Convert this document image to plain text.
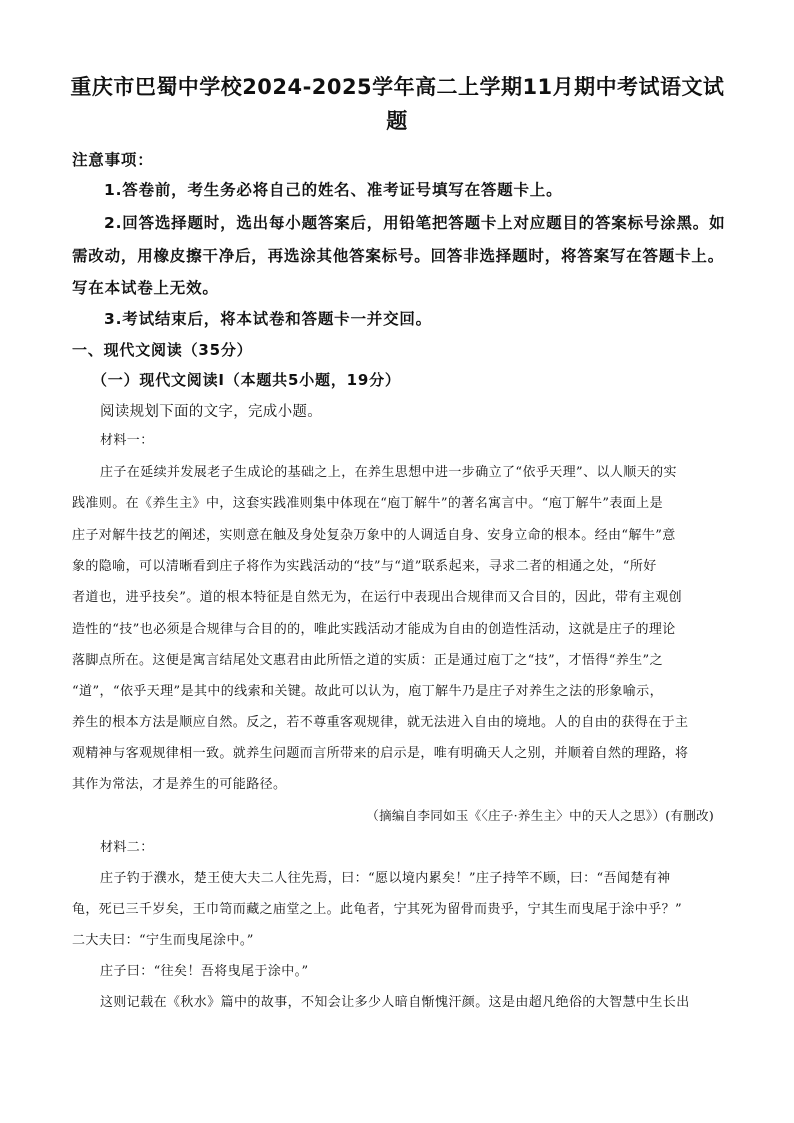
重庆市巴蜀中学校2024-2025学年高二上学期11月期中考试语文试
题
注意事项：
1.答卷前，考生务必将自己的姓名、准考证号填写在答题卡上。
2.回答选择题时，选出每小题答案后，用铅笔把答题卡上对应题目的答案标号涂黑。如
需改动，用橡皮擦干净后，再选涂其他答案标号。回答非选择题时，将答案写在答题卡上。
写在本试卷上无效。
3.考试结束后，将本试卷和答题卡一并交回。
一、现代文阅读（35分）
（一）现代文阅读Ⅰ（本题共5小题，19分）
阅读规划下面的文字，完成小题。
材料一：
庄子在延续并发展老子生成论的基础之上，在养生思想中进一步确立了“依乎天理”、以人顺天的实
践准则。在《养生主》中，这套实践准则集中体现在“庖丁解牛”的著名寓言中。“庖丁解牛”表面上是
庄子对解牛技艺的阐述，实则意在触及身处复杂万象中的人调适自身、安身立命的根本。经由“解牛”意
象的隐喻，可以清晰看到庄子将作为实践活动的“技”与“道”联系起来，寻求二者的相通之处，“所好
者道也，进乎技矣”。道的根本特征是自然无为，在运行中表现出合规律而又合目的，因此，带有主观创
造性的“技”也必须是合规律与合目的的，唯此实践活动才能成为自由的创造性活动，这就是庄子的理论
落脚点所在。这便是寓言结尾处文惠君由此所悟之道的实质：正是通过庖丁之“技”，才悟得“养生”之
“道”，“依乎天理”是其中的线索和关键。故此可以认为，庖丁解牛乃是庄子对养生之法的形象喻示，
养生的根本方法是顺应自然。反之，若不尊重客观规律，就无法进入自由的境地。人的自由的获得在于主
观精神与客观规律相一致。就养生问题而言所带来的启示是，唯有明确天人之别，并顺着自然的理路，将
其作为常法，才是养生的可能路径。
（摘编自李同如玉《〈庄子·养生主〉中的天人之思》）(有删改)
材料二：
庄子钓于濮水，楚王使大夫二人往先焉，曰：“愿以境内累矣！”庄子持竿不顾，曰：“吾闻楚有神
龟，死已三千岁矣，王巾笥而藏之庙堂之上。此龟者，宁其死为留骨而贵乎，宁其生而曳尾于涂中乎？”
二大夫曰：“宁生而曳尾涂中。”
庄子曰：“往矣！吾将曳尾于涂中。”
这则记载在《秋水》篇中的故事，不知会让多少人暗自惭愧汗颜。这是由超凡绝俗的大智慧中生长出
